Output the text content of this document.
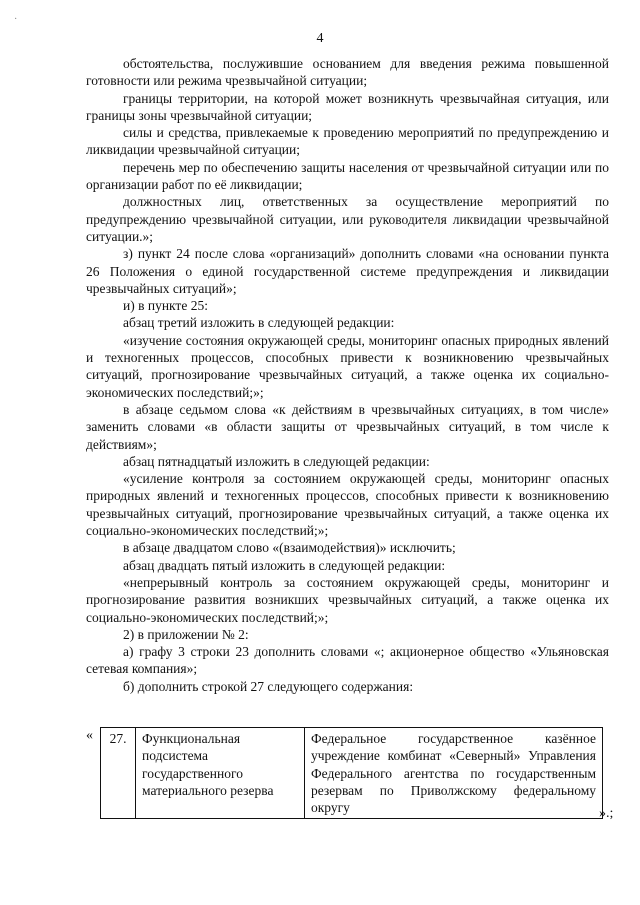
·
4

обстоятельства, послужившие основанием для введения режима повышенной готовности или режима чрезвычайной ситуации;

границы территории, на которой может возникнуть чрезвычайная ситуация, или границы зоны чрезвычайной ситуации;

силы и средства, привлекаемые к проведению мероприятий по предупреждению и ликвидации чрезвычайной ситуации;

перечень мер по обеспечению защиты населения от чрезвычайной ситуации или по организации работ по её ликвидации;

должностных лиц, ответственных за осуществление мероприятий по предупреждению чрезвычайной ситуации, или руководителя ликвидации чрезвычайной ситуации.»;

з) пункт 24 после слова «организаций» дополнить словами «на основании пункта 26 Положения о единой государственной системе предупреждения и ликвидации чрезвычайных ситуаций»;

и) в пункте 25:

абзац третий изложить в следующей редакции:

«изучение состояния окружающей среды, мониторинг опасных природных явлений и техногенных процессов, способных привести к возникновению чрезвычайных ситуаций, прогнозирование чрезвычайных ситуаций, а также оценка их социально-экономических последствий;»;

в абзаце седьмом слова «к действиям в чрезвычайных ситуациях, в том числе» заменить словами «в области защиты от чрезвычайных ситуаций, в том числе к действиям»;

абзац пятнадцатый изложить в следующей редакции:

«усиление контроля за состоянием окружающей среды, мониторинг опасных природных явлений и техногенных процессов, способных привести к возникновению чрезвычайных ситуаций, прогнозирование чрезвычайных ситуаций, а также оценка их социально-экономических последствий;»;

в абзаце двадцатом слово «(взаимодействия)» исключить;

абзац двадцать пятый изложить в следующей редакции:

«непрерывный контроль за состоянием окружающей среды, мониторинг и прогнозирование развития возникших чрезвычайных ситуаций, а также оценка их социально-экономических последствий;»;

2) в приложении № 2:

а) графу 3 строки 23 дополнить словами «; акционерное общество «Ульяновская сетевая компания»;

б) дополнить строкой 27 следующего содержания:

« 27.	Функциональная подсистема государственного материального резерва	Федеральное государственное казённое учреждение комбинат «Северный» Управления Федерального агентства по государственным резервам по Приволжскому федеральному округу	».;
